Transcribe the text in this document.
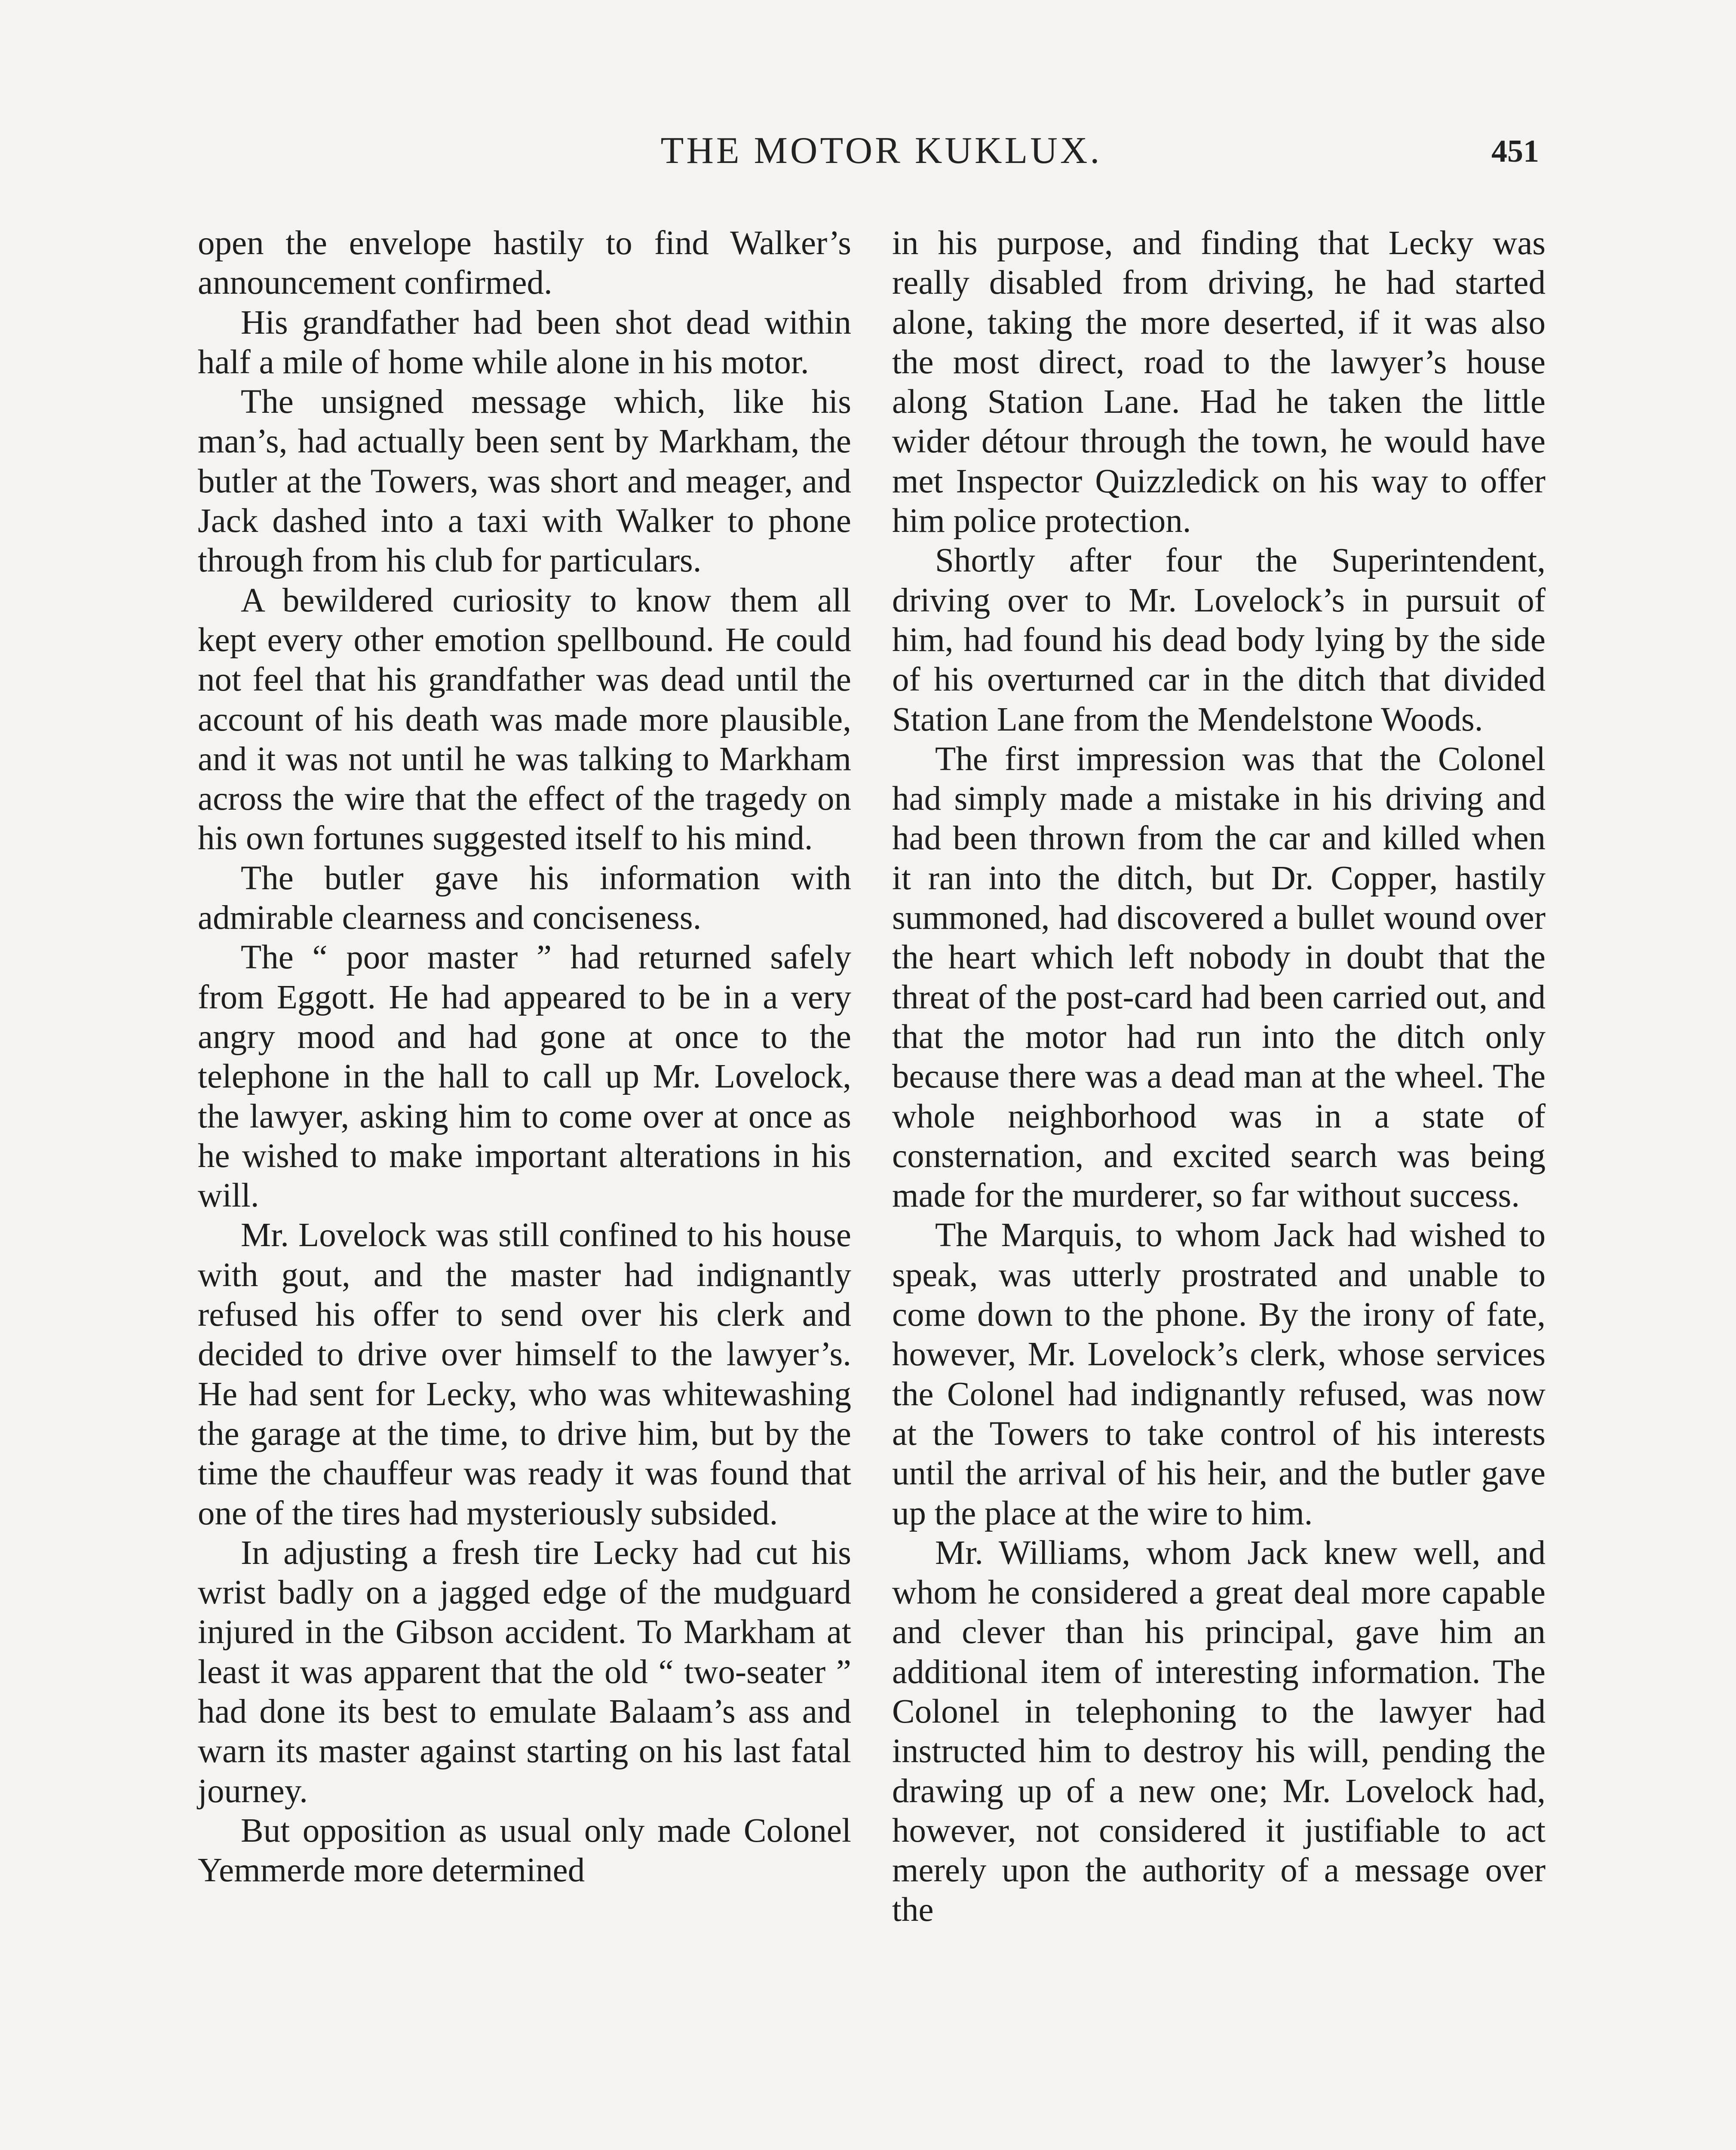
THE MOTOR KUKLUX.	451

open the envelope hastily to find Walker’s announcement confirmed.

His grandfather had been shot dead within half a mile of home while alone in his motor.

The unsigned message which, like his man’s, had actually been sent by Markham, the butler at the Towers, was short and meager, and Jack dashed into a taxi with Walker to phone through from his club for particulars.

A bewildered curiosity to know them all kept every other emotion spellbound. He could not feel that his grandfather was dead until the account of his death was made more plausible, and it was not until he was talking to Markham across the wire that the effect of the tragedy on his own fortunes suggested itself to his mind.

The butler gave his information with admirable clearness and conciseness.

The “ poor master ” had returned safely from Eggott. He had appeared to be in a very angry mood and had gone at once to the telephone in the hall to call up Mr. Lovelock, the lawyer, asking him to come over at once as he wished to make important alterations in his will.

Mr. Lovelock was still confined to his house with gout, and the master had indignantly refused his offer to send over his clerk and decided to drive over himself to the lawyer’s. He had sent for Lecky, who was whitewashing the garage at the time, to drive him, but by the time the chauffeur was ready it was found that one of the tires had mysteriously subsided.

In adjusting a fresh tire Lecky had cut his wrist badly on a jagged edge of the mudguard injured in the Gibson accident. To Markham at least it was apparent that the old “ two-seater ” had done its best to emulate Balaam’s ass and warn its master against starting on his last fatal journey.

But opposition as usual only made Colonel Yemmerde more determined

in his purpose, and finding that Lecky was really disabled from driving, he had started alone, taking the more deserted, if it was also the most direct, road to the lawyer’s house along Station Lane. Had he taken the little wider détour through the town, he would have met Inspector Quizzledick on his way to offer him police protection.

Shortly after four the Superintendent, driving over to Mr. Lovelock’s in pursuit of him, had found his dead body lying by the side of his overturned car in the ditch that divided Station Lane from the Mendelstone Woods.

The first impression was that the Colonel had simply made a mistake in his driving and had been thrown from the car and killed when it ran into the ditch, but Dr. Copper, hastily summoned, had discovered a bullet wound over the heart which left nobody in doubt that the threat of the post-card had been carried out, and that the motor had run into the ditch only because there was a dead man at the wheel. The whole neighborhood was in a state of consternation, and excited search was being made for the murderer, so far without success.

The Marquis, to whom Jack had wished to speak, was utterly prostrated and unable to come down to the phone. By the irony of fate, however, Mr. Lovelock’s clerk, whose services the Colonel had indignantly refused, was now at the Towers to take control of his interests until the arrival of his heir, and the butler gave up the place at the wire to him.

Mr. Williams, whom Jack knew well, and whom he considered a great deal more capable and clever than his principal, gave him an additional item of interesting information. The Colonel in telephoning to the lawyer had instructed him to destroy his will, pending the drawing up of a new one; Mr. Lovelock had, however, not considered it justifiable to act merely upon the authority of a message over the
